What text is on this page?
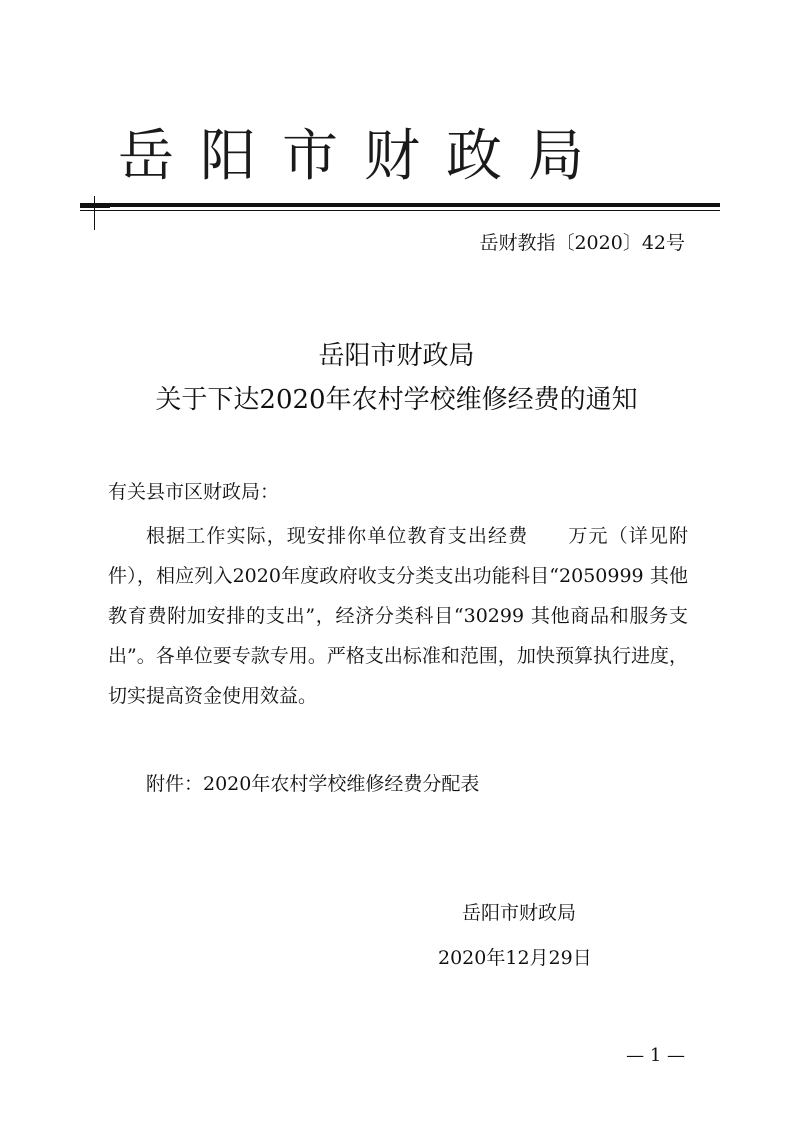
岳阳市财政局
岳财教指〔2020〕42号
岳阳市财政局
关于下达2020年农村学校维修经费的通知
有关县市区财政局：
根据工作实际，现安排你单位教育支出经费　　万元（详见附件），相应列入2020年度政府收支分类支出功能科目“2050999 其他教育费附加安排的支出”，经济分类科目“30299 其他商品和服务支出”。各单位要专款专用。严格支出标准和范围，加快预算执行进度，切实提高资金使用效益。
附件：2020年农村学校维修经费分配表
岳阳市财政局
2020年12月29日
— 1 —
